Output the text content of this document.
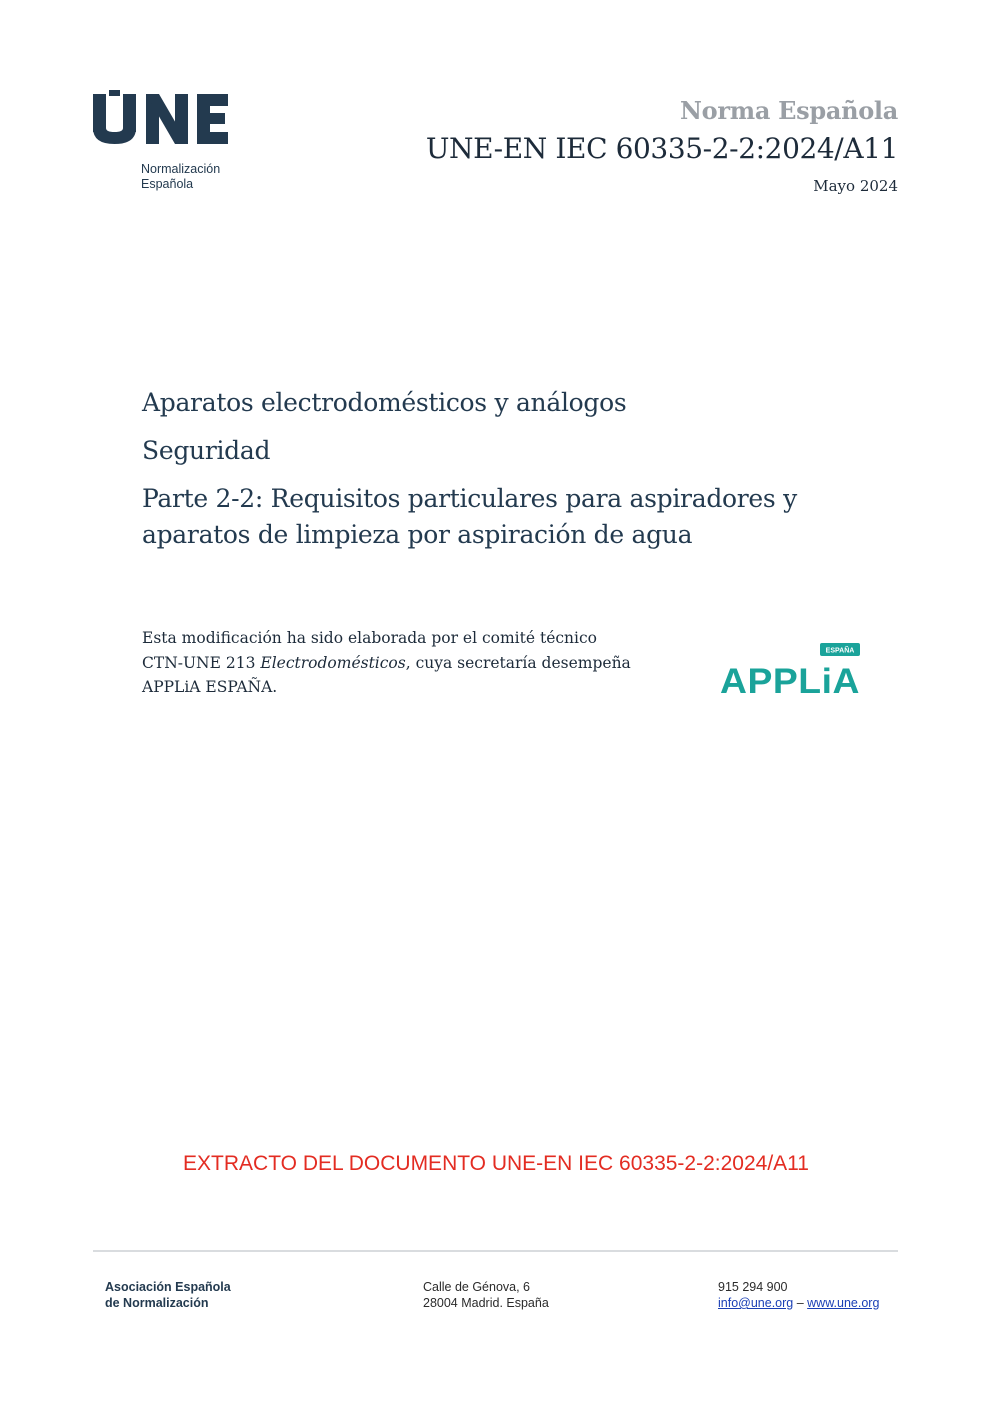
Normalización
Española
Norma Española
UNE-EN IEC 60335-2-2:2024/A11
Mayo 2024
Aparatos electrodomésticos y análogos
Seguridad
Parte 2-2: Requisitos particulares para aspiradores y
aparatos de limpieza por aspiración de agua
Esta modificación ha sido elaborada por el comité técnico
CTN-UNE 213 Electrodomésticos, cuya secretaría desempeña
APPLiA ESPAÑA.
ESPAÑA
APPLiA
EXTRACTO DEL DOCUMENTO UNE-EN IEC 60335-2-2:2024/A11
Asociación Española
de Normalización
Calle de Génova, 6
28004 Madrid. España
915 294 900
info@une.org – www.une.org
